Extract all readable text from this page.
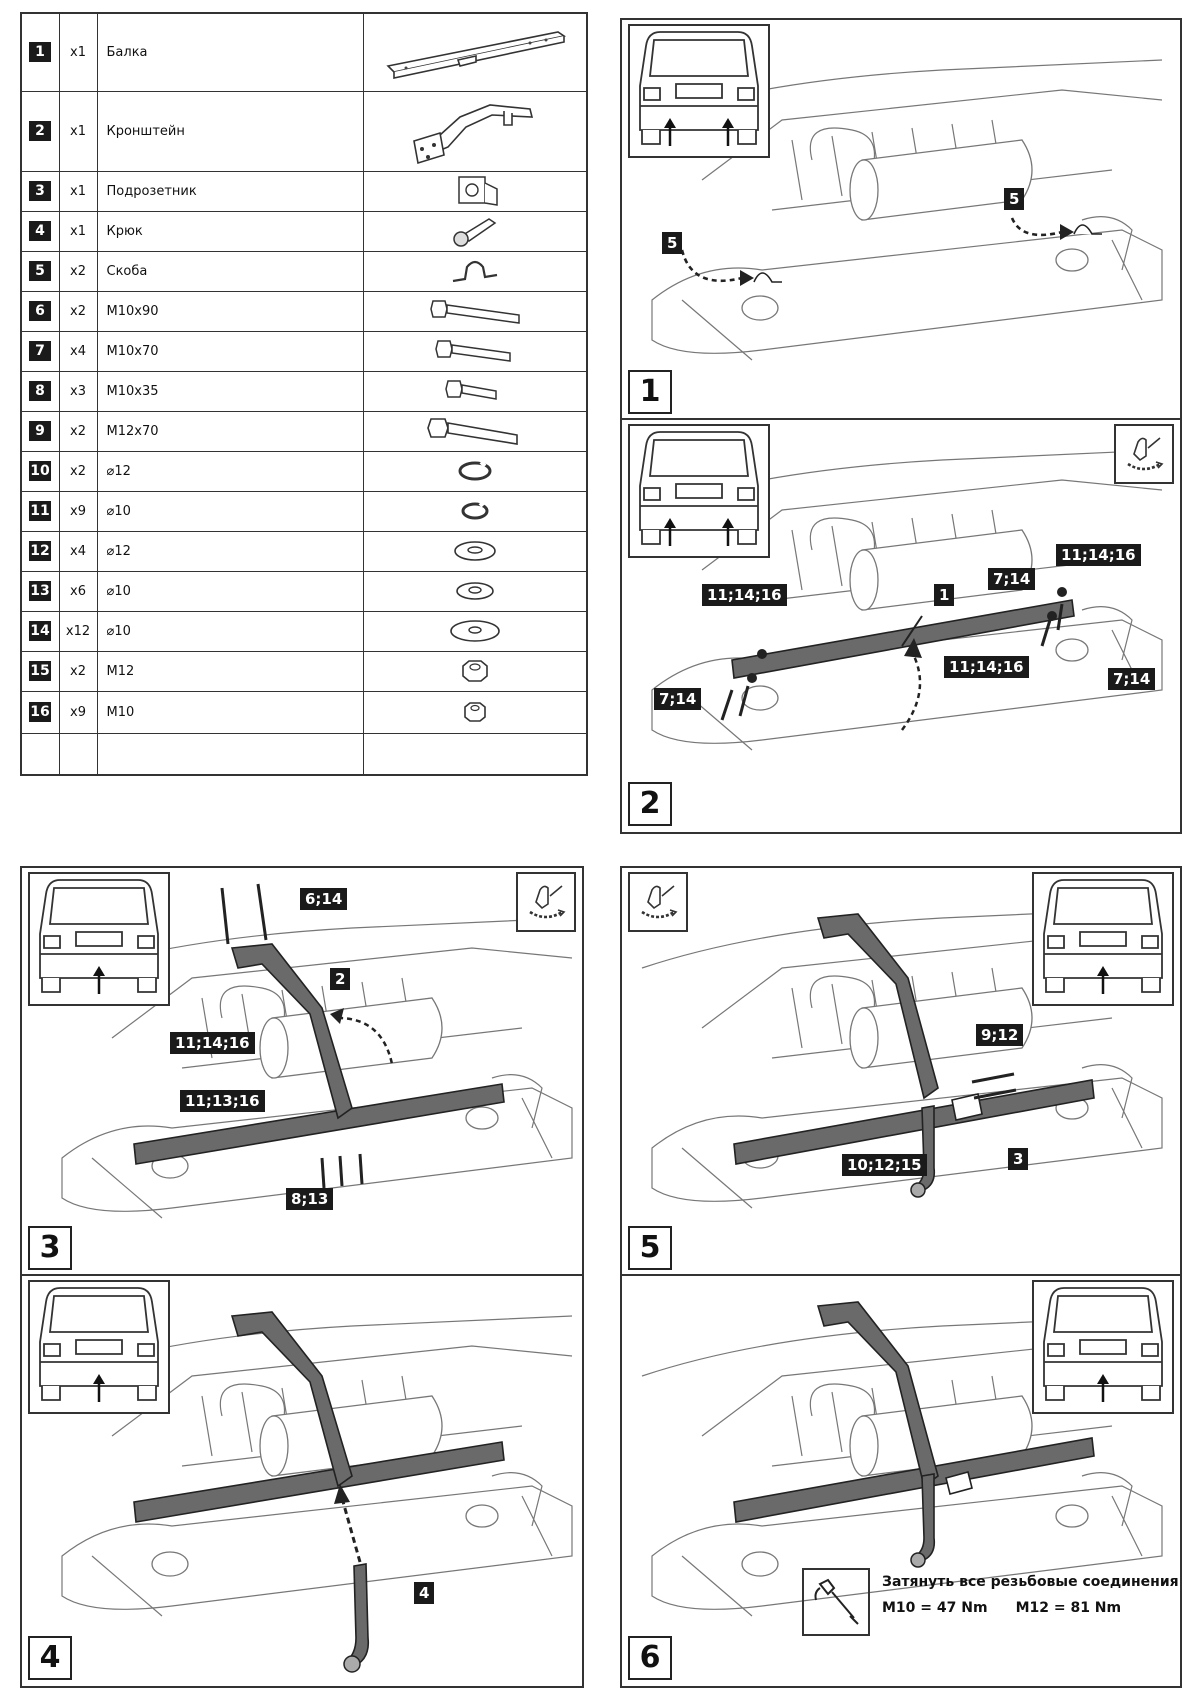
1	x1	Балка	

2	x1	Кронштейн	

3	x1	Подрозетник	

4	x1	Крюк	

5	x2	Скоба	

6	x2	M10x90	

7	x4	M10x70	

8	x3	M10x35	

9	x2	M12x70	

10	x2	⌀12	

11	x9	⌀10	

12	x4	⌀12	

13	x6	⌀10	

14	x12	⌀10	

15	x2	M12	

16	x9	M10	

5
5
1
11;14;16
7;14
1
11;14;16
7;14
11;14;16
7;14
2
6;14
2
11;14;16
11;13;16
8;13
3
4
4
9;12
3
10;12;15
5
Затянуть все резьбовые соединения
M10 = 47 Nm M12 = 81 Nm
6
